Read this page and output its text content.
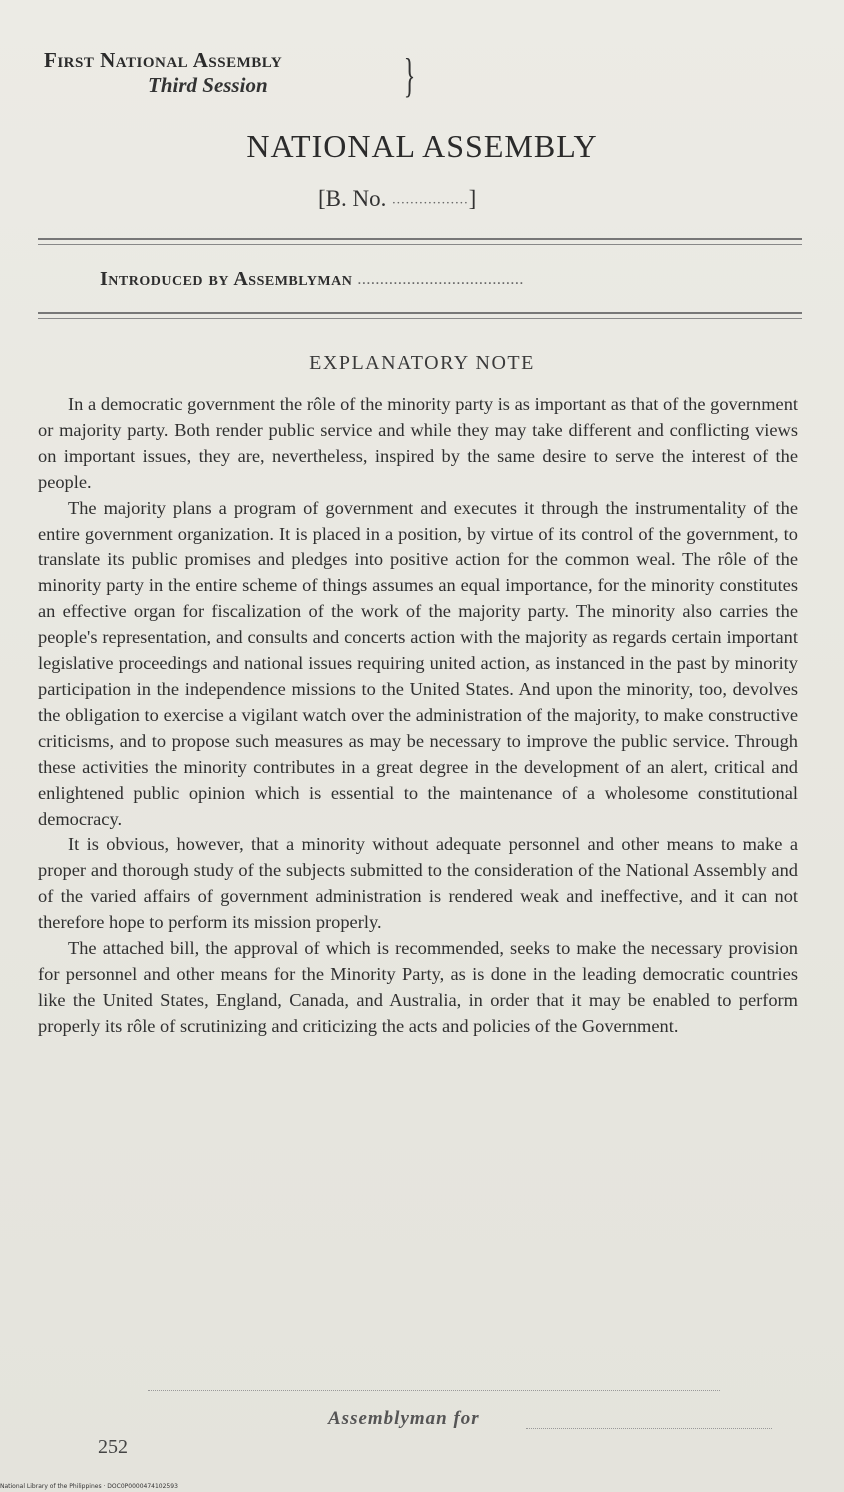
First National Assembly
Third Session	}
NATIONAL ASSEMBLY
[B. No. .................]
Introduced by Assemblyman .....................................
EXPLANATORY NOTE

In a democratic government the rôle of the minority party is as important as that of the government or majority party. Both render public service and while they may take different and conflicting views on important issues, they are, nevertheless, inspired by the same desire to serve the interest of the people.

The majority plans a program of government and executes it through the instrumentality of the entire government organization. It is placed in a position, by virtue of its control of the government, to translate its public promises and pledges into positive action for the common weal. The rôle of the minority party in the entire scheme of things assumes an equal importance, for the minority constitutes an effective organ for fiscalization of the work of the majority party. The minority also carries the people's representation, and consults and concerts action with the majority as regards certain important legislative proceedings and national issues requiring united action, as instanced in the past by minority participation in the independence missions to the United States. And upon the minority, too, devolves the obligation to exercise a vigilant watch over the administration of the majority, to make constructive criticisms, and to propose such measures as may be necessary to improve the public service. Through these activities the minority contributes in a great degree in the development of an alert, critical and enlightened public opinion which is essential to the maintenance of a wholesome constitutional democracy.

It is obvious, however, that a minority without adequate personnel and other means to make a proper and thorough study of the subjects submitted to the consideration of the National Assembly and of the varied affairs of government administration is rendered weak and ineffective, and it can not therefore hope to perform its mission properly.

The attached bill, the approval of which is recommended, seeks to make the necessary provision for personnel and other means for the Minority Party, as is done in the leading democratic countries like the United States, England, Canada, and Australia, in order that it may be enabled to perform properly its rôle of scrutinizing and criticizing the acts and policies of the Government.

Assemblyman for
252
National Library of the Philippines · DOC0P0000474102593
